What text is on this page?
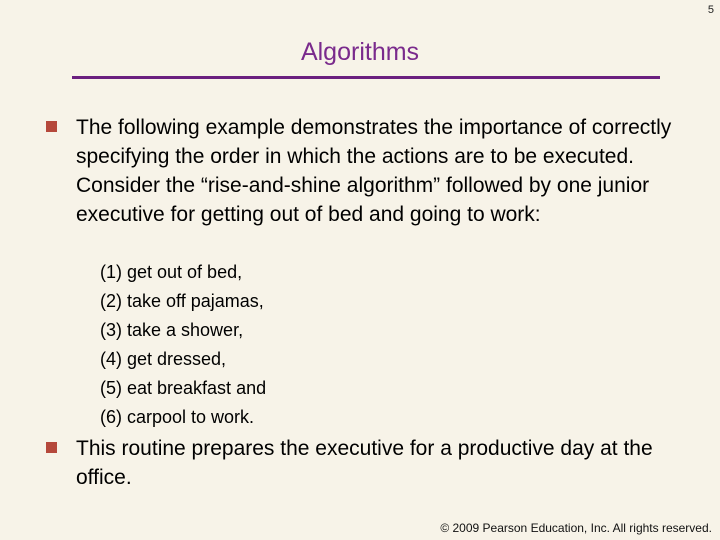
5
Algorithms
The following example demonstrates the importance of correctly specifying the order in which the actions are to be executed. Consider the “rise-and-shine algorithm” followed by one junior executive for getting out of bed and going to work:
(1) get out of bed,
(2) take off pajamas,
(3) take a shower,
(4) get dressed,
(5) eat breakfast and
(6) carpool to work.
This routine prepares the executive for a productive day at the office.
© 2009 Pearson Education, Inc. All rights reserved.
